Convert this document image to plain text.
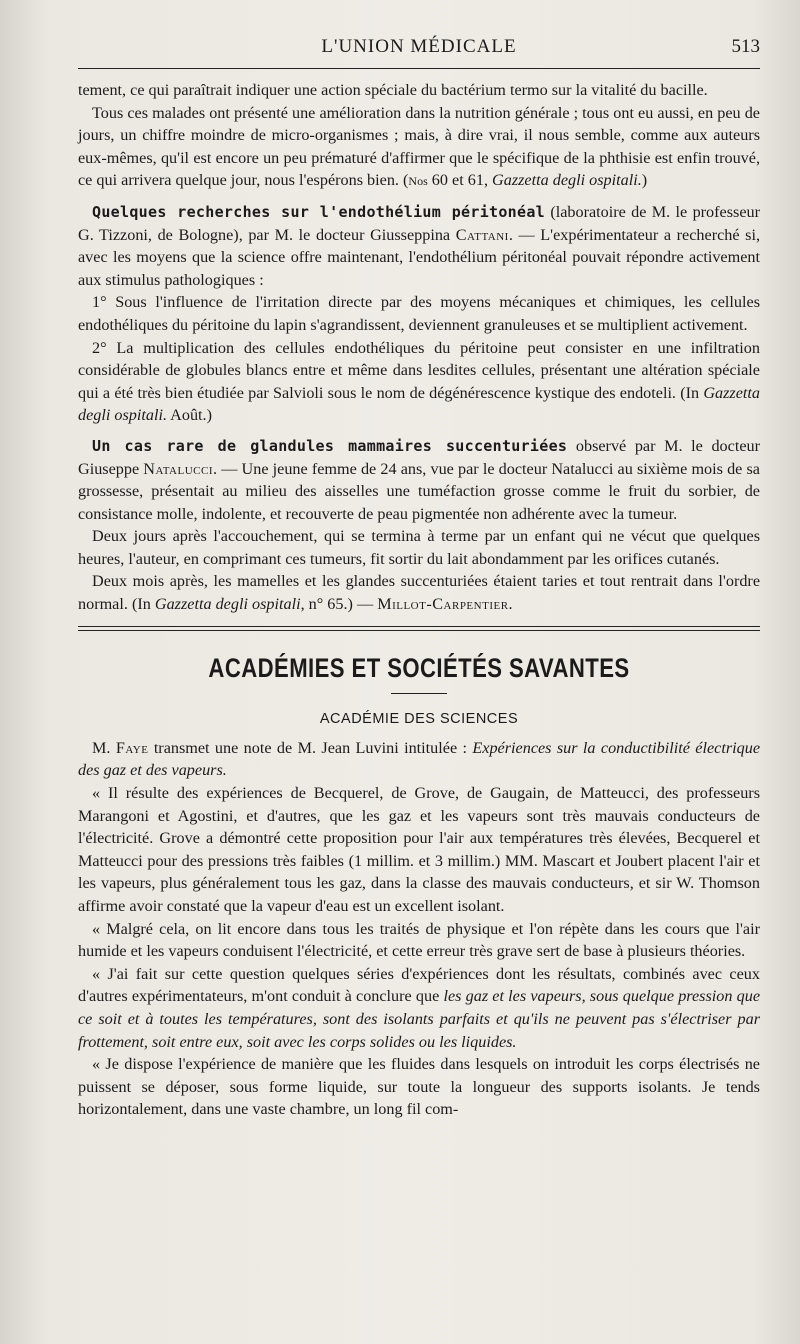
L'UNION MÉDICALE	513

tement, ce qui paraîtrait indiquer une action spéciale du bactérium termo sur la vitalité du bacille.

Tous ces malades ont présenté une amélioration dans la nutrition générale ; tous ont eu aussi, en peu de jours, un chiffre moindre de micro-organismes ; mais, à dire vrai, il nous semble, comme aux auteurs eux-mêmes, qu'il est encore un peu prématuré d'affirmer que le spécifique de la phthisie est enfin trouvé, ce qui arrivera quelque jour, nous l'espérons bien. (Nos 60 et 61, Gazzetta degli ospitali.)

Quelques recherches sur l'endothélium péritonéal (laboratoire de M. le professeur G. Tizzoni, de Bologne), par M. le docteur Giusseppina Cattani. — L'expérimentateur a recherché si, avec les moyens que la science offre maintenant, l'endothélium péritonéal pouvait répondre activement aux stimulus pathologiques :

1° Sous l'influence de l'irritation directe par des moyens mécaniques et chimiques, les cellules endothéliques du péritoine du lapin s'agrandissent, deviennent granuleuses et se multiplient activement.

2° La multiplication des cellules endothéliques du péritoine peut consister en une infiltration considérable de globules blancs entre et même dans lesdites cellules, présentant une altération spéciale qui a été très bien étudiée par Salvioli sous le nom de dégénérescence kystique des endoteli. (In Gazzetta degli ospitali. Août.)

Un cas rare de glandules mammaires succenturiées observé par M. le docteur Giuseppe Natalucci. — Une jeune femme de 24 ans, vue par le docteur Natalucci au sixième mois de sa grossesse, présentait au milieu des aisselles une tuméfaction grosse comme le fruit du sorbier, de consistance molle, indolente, et recouverte de peau pigmentée non adhérente avec la tumeur.

Deux jours après l'accouchement, qui se termina à terme par un enfant qui ne vécut que quelques heures, l'auteur, en comprimant ces tumeurs, fit sortir du lait abondamment par les orifices cutanés.

Deux mois après, les mamelles et les glandes succenturiées étaient taries et tout rentrait dans l'ordre normal. (In Gazzetta degli ospitali, n° 65.) — Millot-Carpentier.

ACADÉMIES ET SOCIÉTÉS SAVANTES
ACADÉMIE DES SCIENCES

M. Faye transmet une note de M. Jean Luvini intitulée : Expériences sur la conductibilité électrique des gaz et des vapeurs.

« Il résulte des expériences de Becquerel, de Grove, de Gaugain, de Matteucci, des professeurs Marangoni et Agostini, et d'autres, que les gaz et les vapeurs sont très mauvais conducteurs de l'électricité. Grove a démontré cette proposition pour l'air aux températures très élevées, Becquerel et Matteucci pour des pressions très faibles (1 millim. et 3 millim.) MM. Mascart et Joubert placent l'air et les vapeurs, plus généralement tous les gaz, dans la classe des mauvais conducteurs, et sir W. Thomson affirme avoir constaté que la vapeur d'eau est un excellent isolant.

« Malgré cela, on lit encore dans tous les traités de physique et l'on répète dans les cours que l'air humide et les vapeurs conduisent l'électricité, et cette erreur très grave sert de base à plusieurs théories.

« J'ai fait sur cette question quelques séries d'expériences dont les résultats, combinés avec ceux d'autres expérimentateurs, m'ont conduit à conclure que les gaz et les vapeurs, sous quelque pression que ce soit et à toutes les températures, sont des isolants parfaits et qu'ils ne peuvent pas s'électriser par frottement, soit entre eux, soit avec les corps solides ou les liquides.

« Je dispose l'expérience de manière que les fluides dans lesquels on introduit les corps électrisés ne puissent se déposer, sous forme liquide, sur toute la longueur des supports isolants. Je tends horizontalement, dans une vaste chambre, un long fil com-
